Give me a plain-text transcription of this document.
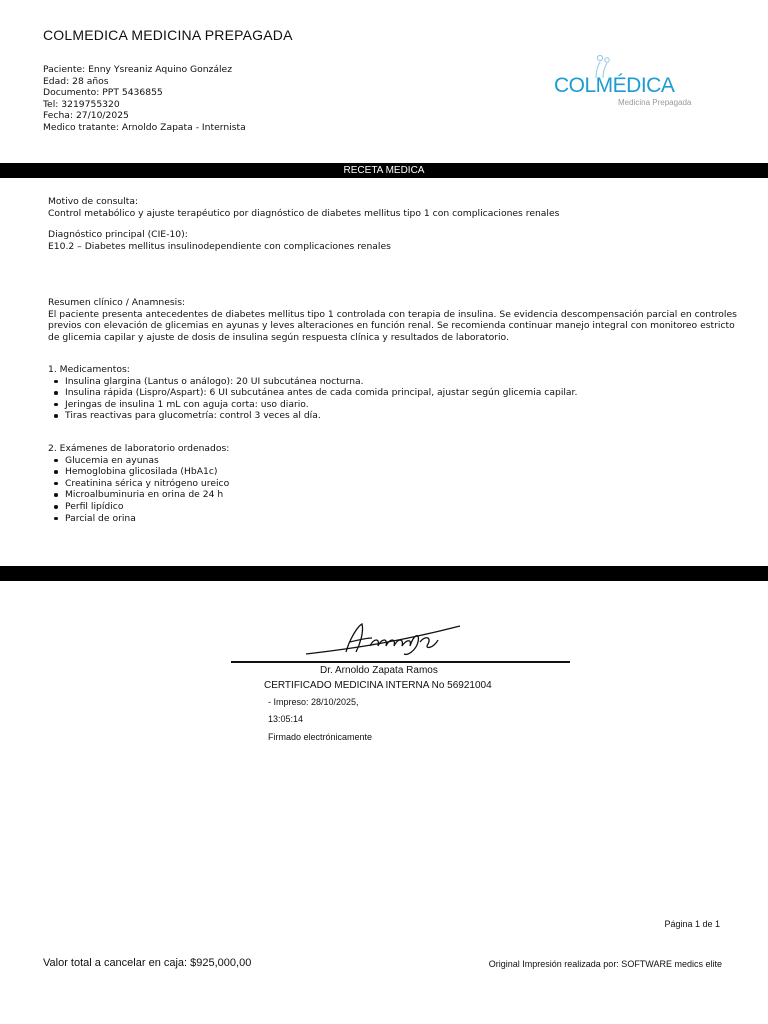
COLMEDICA MEDICINA PREPAGADA
Paciente: Enny Ysreaniz Aquino González
Edad: 28 años
Documento: PPT 5436855
Tel: 3219755320
Fecha: 27/10/2025
Medico tratante: Arnoldo Zapata - Internista
COLMÉDICA
Medicina Prepagada
RECETA MEDICA

Motivo de consulta:

Control metabólico y ajuste terapéutico por diagnóstico de diabetes mellitus tipo 1 con complicaciones renales

Diagnóstico principal (CIE-10):

E10.2 – Diabetes mellitus insulinodependiente con complicaciones renales

Resumen clínico / Anamnesis:

El paciente presenta antecedentes de diabetes mellitus tipo 1 controlada con terapia de insulina. Se evidencia descompensación parcial en controles

previos con elevación de glicemias en ayunas y leves alteraciones en función renal. Se recomienda continuar manejo integral con monitoreo estricto

de glicemia capilar y ajuste de dosis de insulina según respuesta clínica y resultados de laboratorio.

1. Medicamentos:

Insulina glargina (Lantus o análogo): 20 UI subcutánea nocturna.
Insulina rápida (Lispro/Aspart): 6 UI subcutánea antes de cada comida principal, ajustar según glicemia capilar.
Jeringas de insulina 1 mL con aguja corta: uso diario.
Tiras reactivas para glucometría: control 3 veces al día.

2. Exámenes de laboratorio ordenados:

Glucemia en ayunas
Hemoglobina glicosilada (HbA1c)
Creatinina sérica y nitrógeno ureico
Microalbuminuria en orina de 24 h
Perfil lipídico
Parcial de orina
Dr. Arnoldo Zapata Ramos
CERTIFICADO MEDICINA INTERNA No 56921004
- Impreso: 28/10/2025,
13:05:14
Firmado electrónicamente
Página 1 de 1
Valor total a cancelar en caja: $925,000,00	Original Impresión realizada por: SOFTWARE medics elite
